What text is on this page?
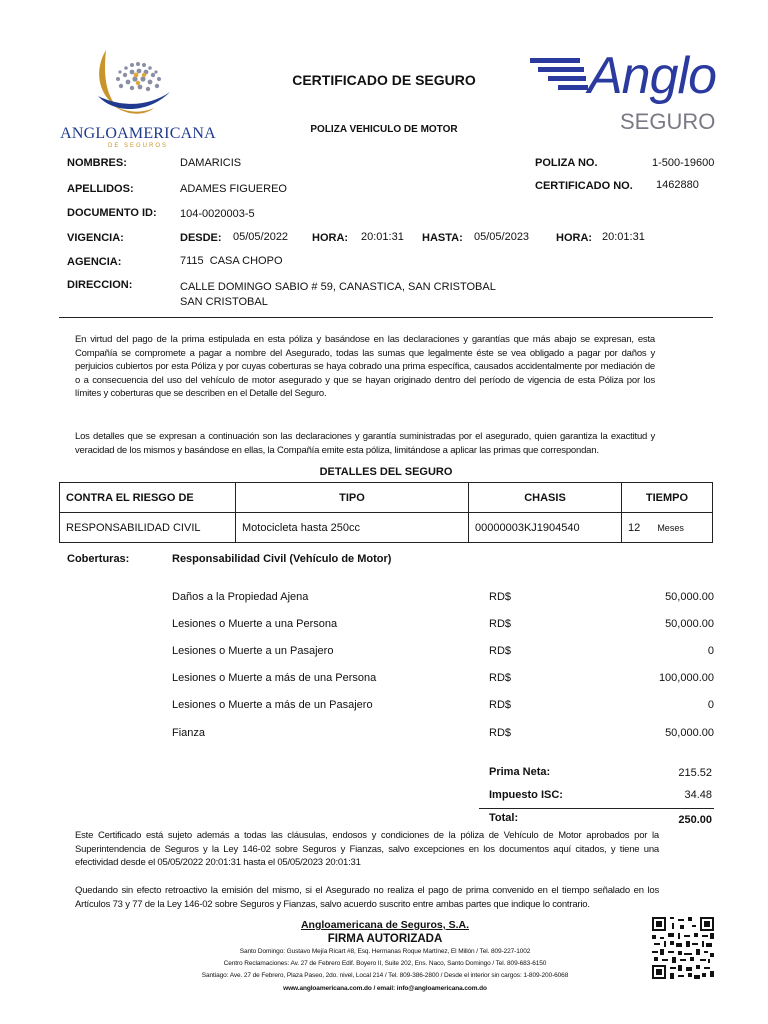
ANGLOAMERICANA
DE SEGUROS
Anglo
SEGURO
CERTIFICADO DE SEGURO
POLIZA VEHICULO DE MOTOR
NOMBRES:	DAMARICIS
APELLIDOS:	ADAMES FIGUEREO
DOCUMENTO ID: 104-0020003-5
VIGENCIA:	DESDE: 05/05/2022 HORA: 20:01:31 HASTA: 05/05/2023 HORA: 20:01:31
AGENCIA:	7115  CASA CHOPO
DIRECCION:	CALLE DOMINGO SABIO # 59, CANASTICA, SAN CRISTOBAL
SAN CRISTOBAL
POLIZA NO.	1-500-19600
CERTIFICADO NO. 1462880
En virtud del pago de la prima estipulada en esta póliza y basándose en las declaraciones y garantías que más abajo se expresan, esta Compañía se compromete a pagar a nombre del Asegurado, todas las sumas que legalmente éste se vea obligado a pagar por daños y perjuicios cubiertos por esta Póliza y por cuyas coberturas se haya cobrado una prima específica, causados accidentalmente por mediación de o a consecuencia del uso del vehículo de motor asegurado y que se hayan originado dentro del período de vigencia de esta Póliza por los límites y coberturas que se describen en el Detalle del Seguro.
Los detalles que se expresan a continuación son las declaraciones y garantía suministradas por el asegurado, quien garantiza la exactitud y veracidad de los mismos y basándose en ellas, la Compañía emite esta póliza, limitándose a aplicar las primas que correspondan.
DETALLES DEL SEGURO
CONTRA EL RIESGO DE	TIPO	CHASIS	TIEMPO
RESPONSABILIDAD CIVIL	Motocicleta hasta 250cc	00000003KJ1904540	12 Meses
Coberturas:	Responsabilidad Civil (Vehículo de Motor)
Daños a la Propiedad Ajena	RD$	50,000.00
Lesiones o Muerte a una Persona	RD$	50,000.00
Lesiones o Muerte a un Pasajero	RD$	0
Lesiones o Muerte a más de una Persona	RD$	100,000.00
Lesiones o Muerte a más de un Pasajero	RD$	0
Fianza	RD$	50,000.00
Prima Neta:	215.52
Impuesto ISC:	34.48
Total:	250.00
Este Certificado está sujeto además a todas las cláusulas, endosos y condiciones de la póliza de Vehículo de Motor aprobados por la Superintendencia de Seguros y la Ley 146-02 sobre Seguros y Fianzas, salvo excepciones en los documentos aquí citados, y tiene una efectividad desde el 05/05/2022 20:01:31 hasta el 05/05/2023 20:01:31
Quedando sin efecto retroactivo la emisión del mismo, si el Asegurado no realiza el pago de prima convenido en el tiempo señalado en los Artículos 73 y 77 de la Ley 146-02 sobre Seguros y Fianzas, salvo acuerdo suscrito entre ambas partes que indique lo contrario.
Angloamericana de Seguros, S.A.
FIRMA AUTORIZADA
Santo Domingo: Gustavo Mejía Ricart #8, Esq. Hermanas Roque Martínez, El Millón / Tel. 809-227-1002
Centro Reclamaciones: Av. 27 de Febrero Edif. Boyero II, Suite 202, Ens. Naco, Santo Domingo / Tel. 809-683-6150
Santiago: Ave. 27 de Febrero, Plaza Paseo, 2do. nivel, Local 214 / Tel. 809-386-2800 / Desde el interior sin cargos: 1-809-200-6068
www.angloamericana.com.do / email: info@angloamericana.com.do
